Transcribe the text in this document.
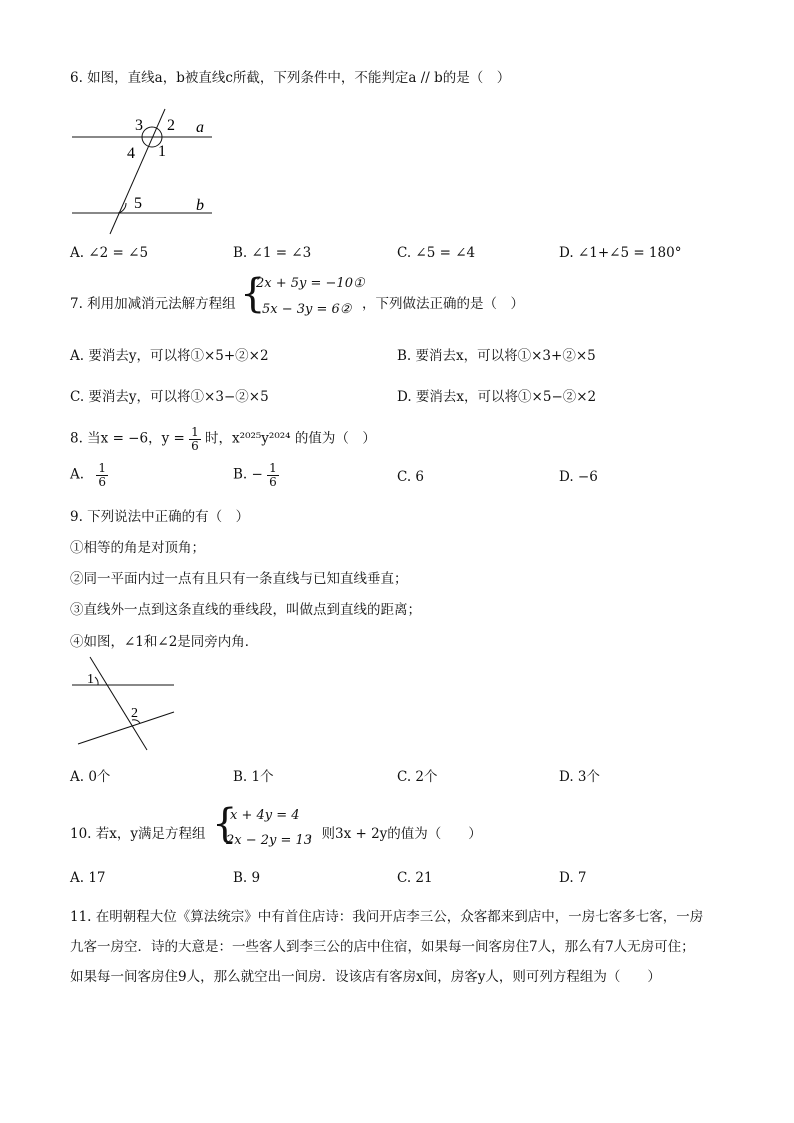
6. 如图，直线a，b被直线c所截，下列条件中，不能判定a // b的是（　）
3 2 a
4 1
5	b
A. ∠2 = ∠5	B. ∠1 = ∠3	C. ∠5 = ∠4	D. ∠1+∠5 = 180°
7. 利用加减消元法解方程组 {
2x + 5y = −10①
5x − 3y = 6② ，下列做法正确的是（　）
A. 要消去y，可以将①×5+②×2	B. 要消去x，可以将①×3+②×5
C. 要消去y，可以将①×3−②×5	D. 要消去x，可以将①×5−②×2
8. 当x = −6，$y = \frac{1}{6}$ 时，x²⁰²⁵y²⁰²⁴ 的值为（　）
A. $\frac{1}{6}$	B. − $\frac{1}{6}$	C. 6	D. −6
9. 下列说法中正确的有（　）
①相等的角是对顶角；
②同一平面内过一点有且只有一条直线与已知直线垂直；
③直线外一点到这条直线的垂线段，叫做点到直线的距离；
④如图，∠1和∠2是同旁内角．
1
2
A. 0个	B. 1个	C. 2个	D. 3个
10. 若x，y满足方程组 {
x + 4y = 4
2x − 2y = 13
，则3x + 2y的值为（　　）
A. 17	B. 9	C. 21	D. 7
11. 在明朝程大位《算法统宗》中有首住店诗：我问开店李三公，众客都来到店中，一房七客多七客，一房
九客一房空．诗的大意是：一些客人到李三公的店中住宿，如果每一间客房住7人，那么有7人无房可住；
如果每一间客房住9人，那么就空出一间房．设该店有客房x间，房客y人，则可列方程组为（　　）
